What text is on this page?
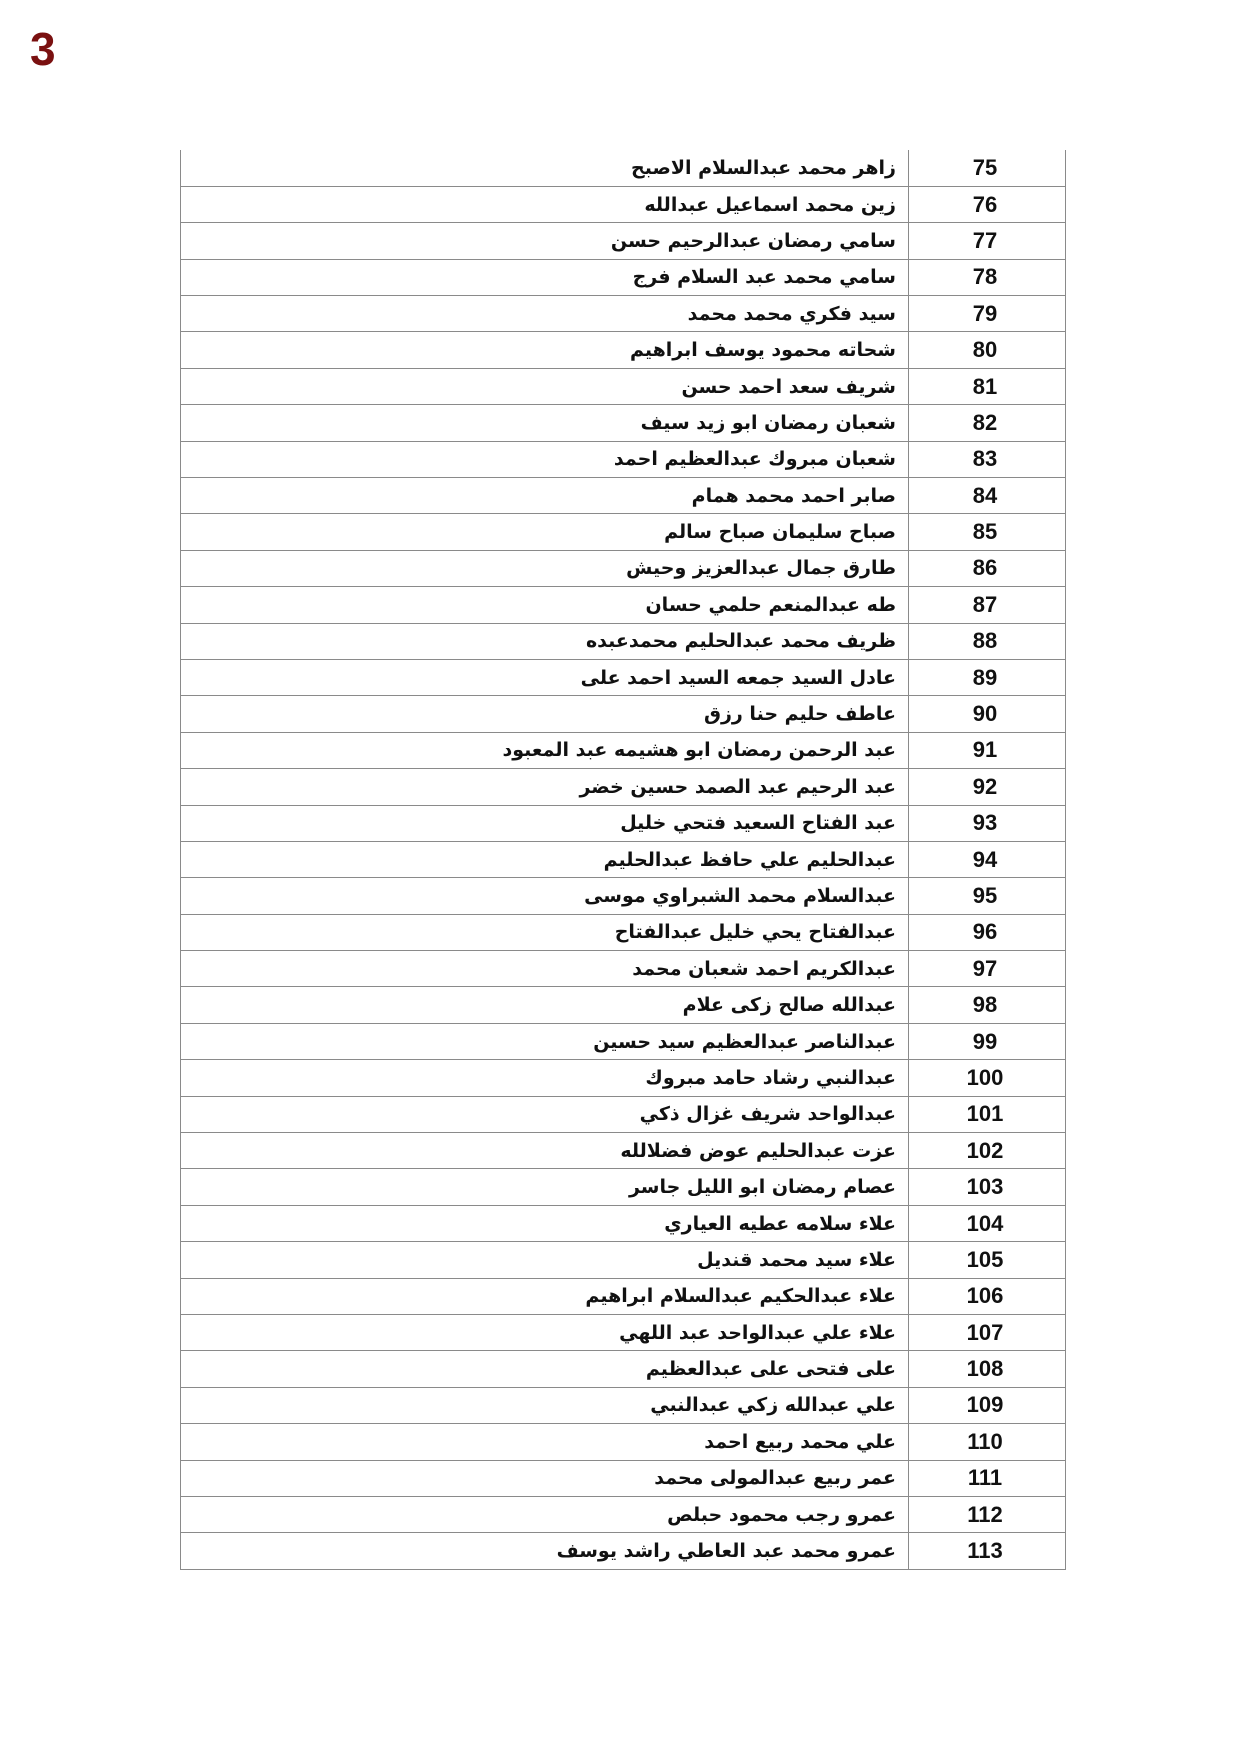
3
زاهر محمد عبدالسلام الاصبح	75
زين محمد اسماعيل عبدالله	76
سامي رمضان عبدالرحيم حسن	77
سامي محمد عبد السلام فرج	78
سيد فكري محمد محمد	79
شحاته محمود يوسف ابراهيم	80
شريف سعد احمد حسن	81
شعبان رمضان ابو زيد سيف	82
شعبان مبروك عبدالعظيم احمد	83
صابر احمد محمد همام	84
صباح سليمان صباح سالم	85
طارق جمال عبدالعزيز وحيش	86
طه عبدالمنعم حلمي حسان	87
ظريف محمد عبدالحليم محمدعبده	88
عادل السيد جمعه السيد احمد على	89
عاطف حليم حنا رزق	90
عبد الرحمن رمضان ابو هشيمه عبد المعبود	91
عبد الرحيم عبد الصمد حسين خضر	92
عبد الفتاح السعيد فتحي خليل	93
عبدالحليم علي حافظ عبدالحليم	94
عبدالسلام محمد الشبراوي موسى	95
عبدالفتاح يحي خليل عبدالفتاح	96
عبدالكريم احمد شعبان محمد	97
عبدالله صالح زكى علام	98
عبدالناصر عبدالعظيم سيد حسين	99
عبدالنبي رشاد حامد مبروك	100
عبدالواحد شريف غزال ذكي	101
عزت عبدالحليم عوض فضلالله	102
عصام رمضان ابو الليل جاسر	103
علاء سلامه عطيه العياري	104
علاء سيد محمد قنديل	105
علاء عبدالحكيم عبدالسلام ابراهيم	106
علاء علي عبدالواحد عبد اللهي	107
على فتحى على عبدالعظيم	108
علي عبدالله زكي عبدالنبي	109
علي محمد ربيع احمد	110
عمر ربيع عبدالمولى محمد	111
عمرو رجب محمود حبلص	112
عمرو محمد عبد العاطي راشد يوسف	113
